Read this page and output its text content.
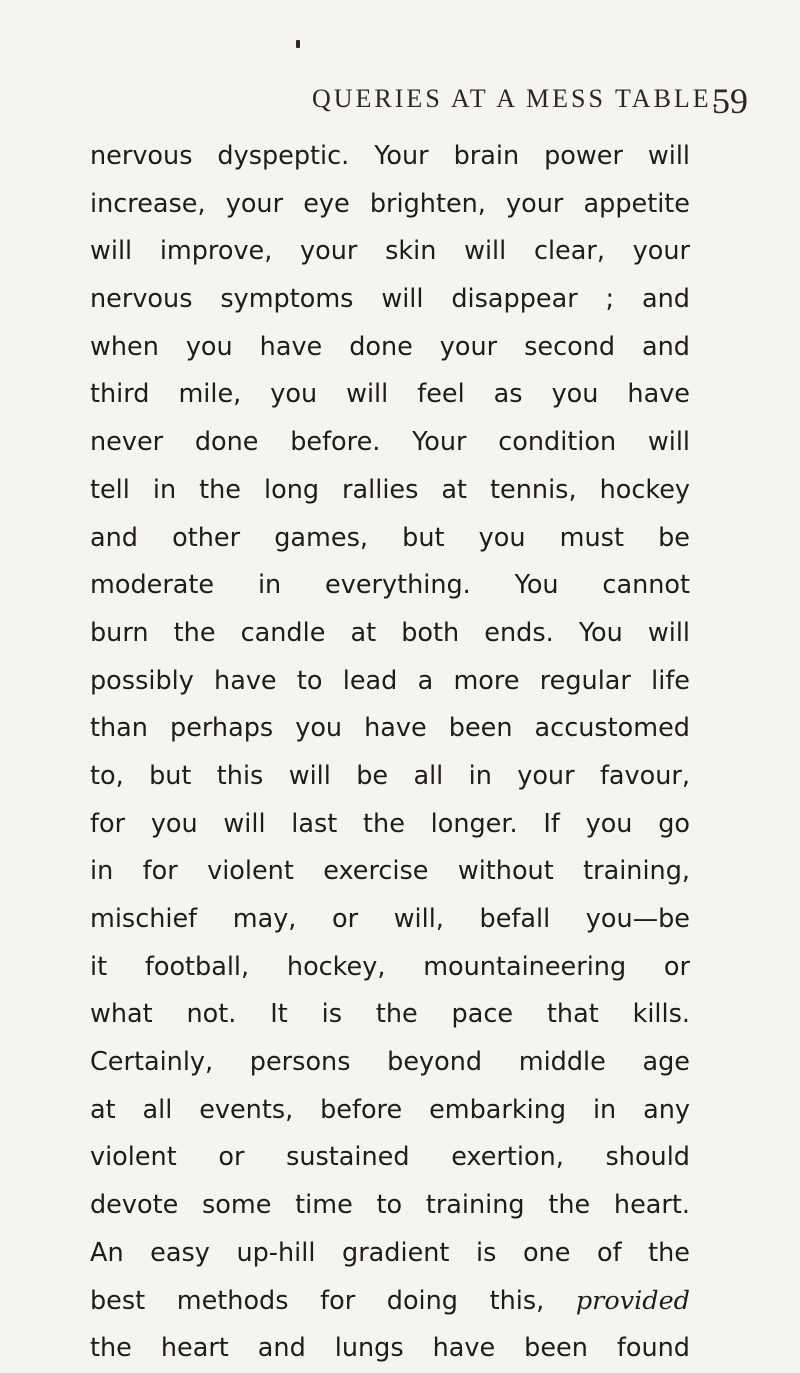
QUERIES AT A MESS TABLE.
59
nervous dyspeptic. Your brain power will
increase, your eye brighten, your appetite
will improve, your skin will clear, your
nervous symptoms will disappear ; and
when you have done your second and
third mile, you will feel as you have
never done before. Your condition will
tell in the long rallies at tennis, hockey
and other games, but you must be
moderate in everything. You cannot
burn the candle at both ends. You will
possibly have to lead a more regular life
than perhaps you have been accustomed
to, but this will be all in your favour,
for you will last the longer. If you go
in for violent exercise without training,
mischief may, or will, befall you—be
it football, hockey, mountaineering or
what not. It is the pace that kills.
Certainly, persons beyond middle age
at all events, before embarking in any
violent or sustained exertion, should
devote some time to training the heart.
An easy up-hill gradient is one of the
best methods for doing this, provided
the heart and lungs have been found
